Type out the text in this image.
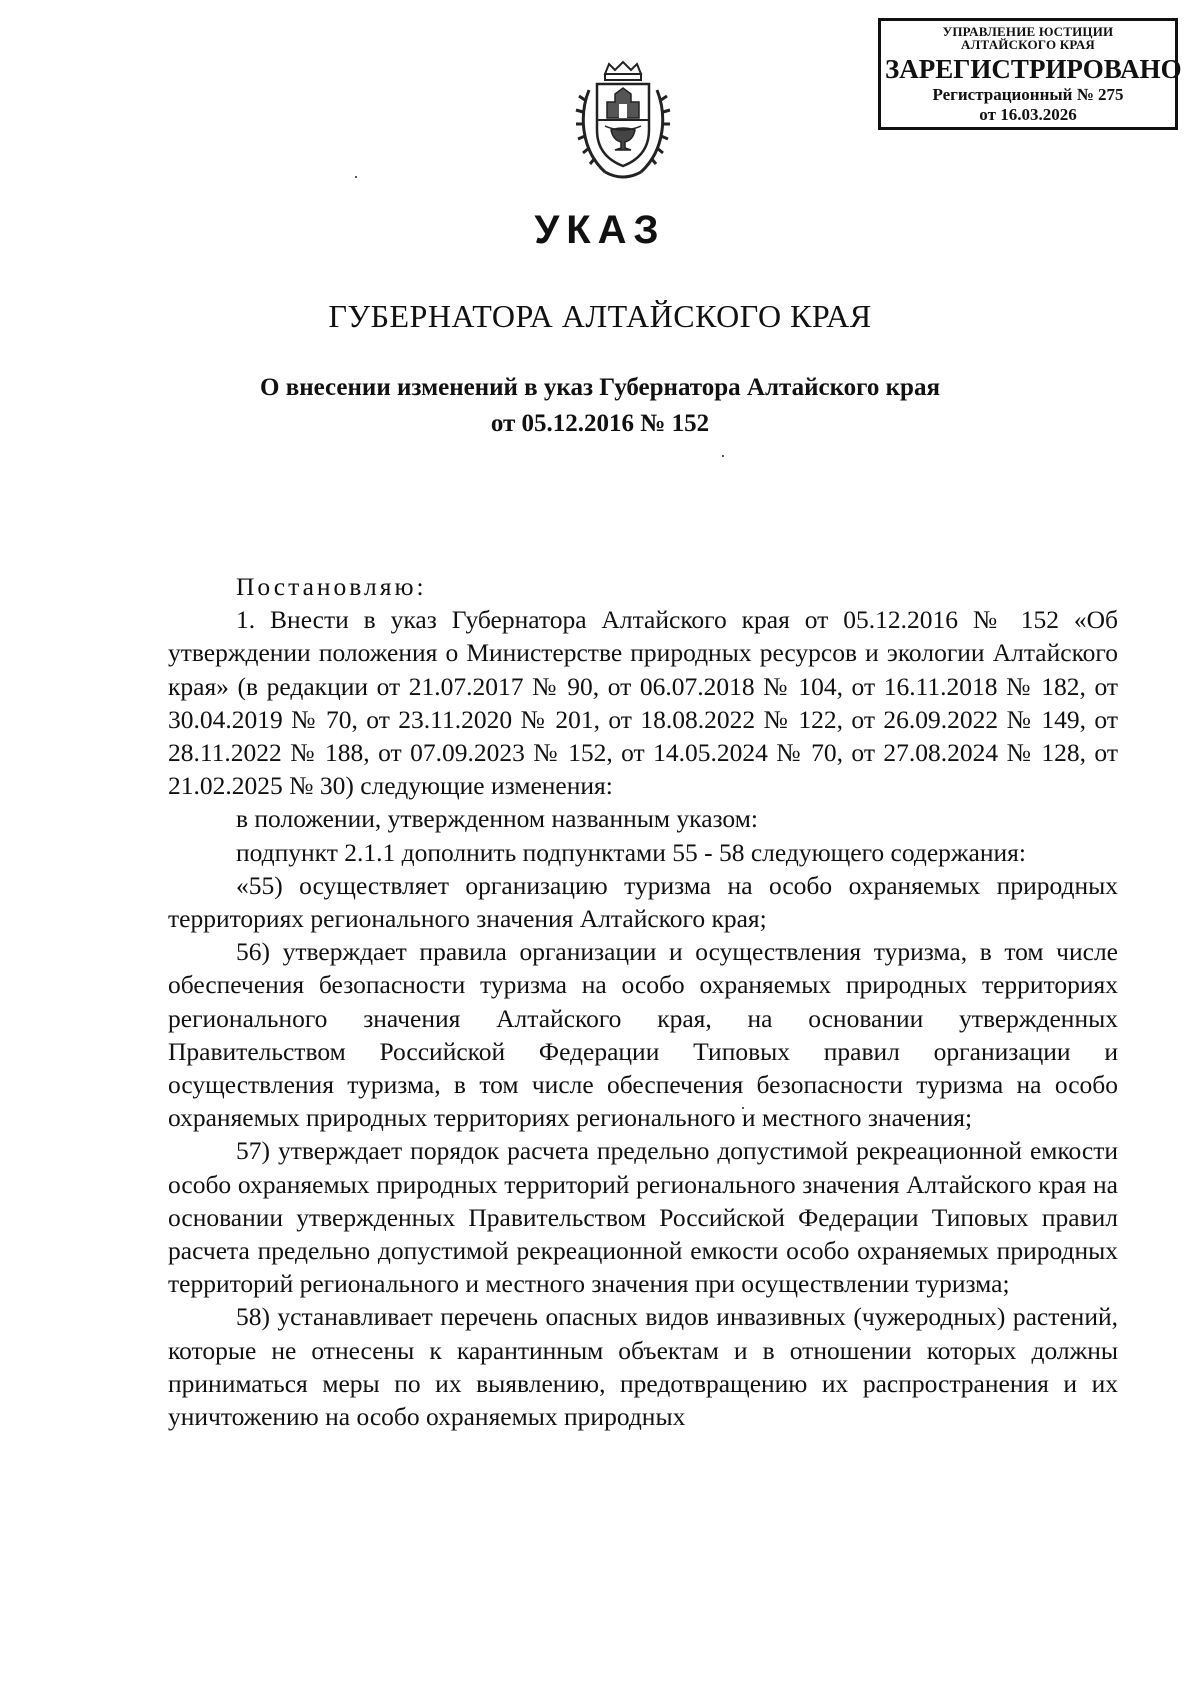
УПРАВЛЕНИЕ ЮСТИЦИИ АЛТАЙСКОГО КРАЯ
ЗАРЕГИСТРИРОВАНО
Регистрационный № 275
от 16.03.2026
УКАЗ
ГУБЕРНАТОРА АЛТАЙСКОГО КРАЯ
О внесении изменений в указ Губернатора Алтайского края
от 05.12.2016 № 152

Постановляю:

1. Внести в указ Губернатора Алтайского края от 05.12.2016 № 152 «Об утверждении положения о Министерстве природных ресурсов и экологии Алтайского края» (в редакции от 21.07.2017 № 90, от 06.07.2018 № 104, от 16.11.2018 № 182, от 30.04.2019 № 70, от 23.11.2020 № 201, от 18.08.2022 № 122, от 26.09.2022 № 149, от 28.11.2022 № 188, от 07.09.2023 № 152, от 14.05.2024 № 70, от 27.08.2024 № 128, от 21.02.2025 № 30) следующие изменения:

в положении, утвержденном названным указом:

подпункт 2.1.1 дополнить подпунктами 55 - 58 следующего содержания:

«55) осуществляет организацию туризма на особо охраняемых природных территориях регионального значения Алтайского края;

56) утверждает правила организации и осуществления туризма, в том числе обеспечения безопасности туризма на особо охраняемых природных территориях регионального значения Алтайского края, на основании утвержденных Правительством Российской Федерации Типовых правил организации и осуществления туризма, в том числе обеспечения безопасности туризма на особо охраняемых природных территориях регионального и местного значения;

57) утверждает порядок расчета предельно допустимой рекреационной емкости особо охраняемых природных территорий регионального значения Алтайского края на основании утвержденных Правительством Российской Федерации Типовых правил расчета предельно допустимой рекреационной емкости особо охраняемых природных территорий регионального и местного значения при осуществлении туризма;

58) устанавливает перечень опасных видов инвазивных (чужеродных) растений, которые не отнесены к карантинным объектам и в отношении которых должны приниматься меры по их выявлению, предотвращению их распространения и их уничтожению на особо охраняемых природных
